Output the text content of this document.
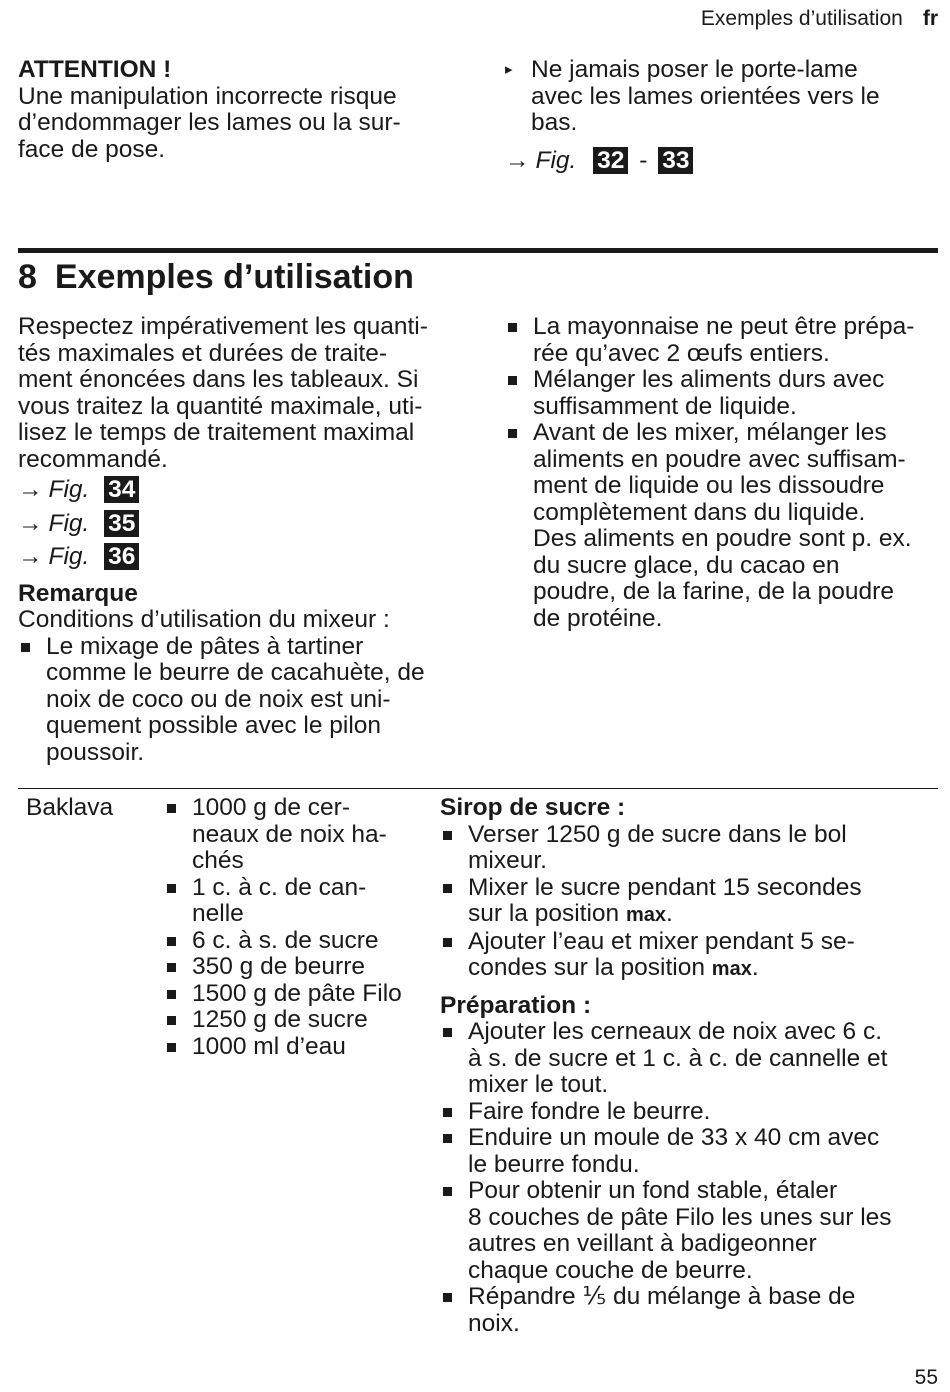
Exemples d’utilisation fr
ATTENTION !
Une manipulation incorrecte risque
d’endommager les lames ou la sur-
face de pose.
▸ Ne jamais poser le porte-lame
avec les lames orientées vers le
bas.
→ Fig. 32 - 33
8 Exemples d’utilisation
Respectez impérativement les quanti-
tés maximales et durées de traite-
ment énoncées dans les tableaux. Si
vous traitez la quantité maximale, uti-
lisez le temps de traitement maximal
recommandé.
→ Fig. 34
→ Fig. 35
→ Fig. 36
Remarque
Conditions d’utilisation du mixeur :
Le mixage de pâtes à tartiner
comme le beurre de cacahuète, de
noix de coco ou de noix est uni-
quement possible avec le pilon
poussoir.
La mayonnaise ne peut être prépa-
rée qu’avec 2 œufs entiers.
Mélanger les aliments durs avec
suffisamment de liquide.
Avant de les mixer, mélanger les
aliments en poudre avec suffisam-
ment de liquide ou les dissoudre
complètement dans du liquide.
Des aliments en poudre sont p. ex.
du sucre glace, du cacao en
poudre, de la farine, de la poudre
de protéine.
Baklava	1000 g de cer-
neaux de noix ha-
chés
1 c. à c. de can-
nelle
6 c. à s. de sucre
350 g de beurre
1500 g de pâte Filo
1250 g de sucre
1000 ml d’eau
Sirop de sucre :
Verser 1250 g de sucre dans le bol
mixeur.
Mixer le sucre pendant 15 secondes
sur la position max.
Ajouter l’eau et mixer pendant 5 se-
condes sur la position max.
Préparation :
Ajouter les cerneaux de noix avec 6 c.
à s. de sucre et 1 c. à c. de cannelle et
mixer le tout.
Faire fondre le beurre.
Enduire un moule de 33 x 40 cm avec
le beurre fondu.
Pour obtenir un fond stable, étaler
8 couches de pâte Filo les unes sur les
autres en veillant à badigeonner
chaque couche de beurre.
Répandre ⅕ du mélange à base de
noix.
55
